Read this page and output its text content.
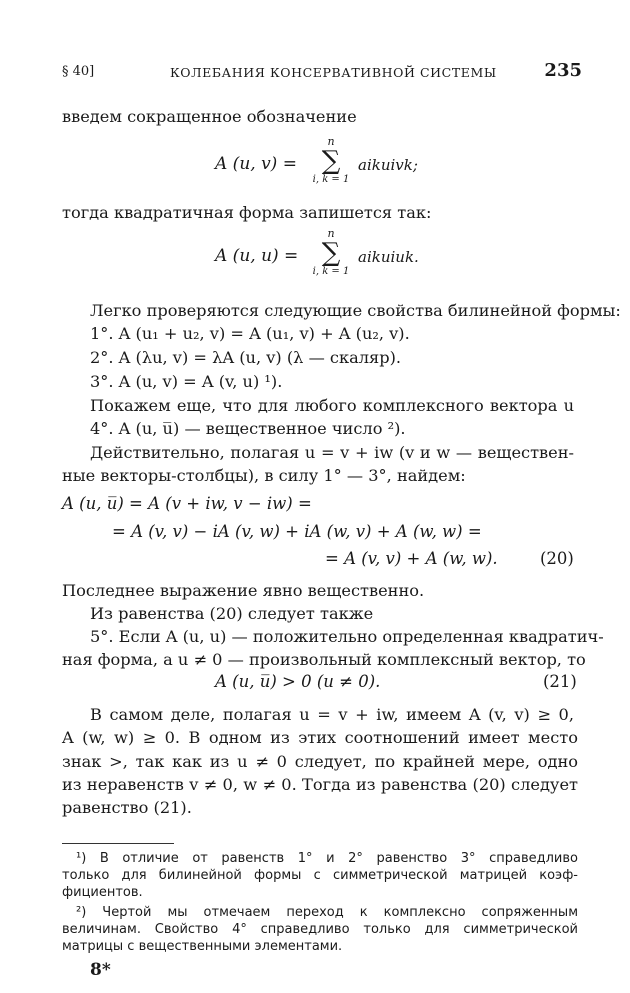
§ 40]	КОЛЕБАНИЯ КОНСЕРВАТИВНОЙ СИСТЕМЫ	235
введем сокращенное обозначение
A (u, v) =
n
∑
i, k = 1
aikuivk;
тогда квадратичная форма запишется так:
A (u, u) =
n
∑
i, k = 1
aikuiuk.
Легко проверяются следующие свойства билинейной формы:
1°. A (u₁ + u₂, v) = A (u₁, v) + A (u₂, v).
2°. A (λu, v) = λA (u, v) (λ — скаляр).
3°. A (u, v) = A (v, u) ¹).
Покажем еще, что для любого комплексного вектора u
4°. A (u, u̅) — вещественное число ²).
Действительно, полагая u = v + iw (v и w — веществен-
ные векторы-столбцы), в силу 1° — 3°, найдем:
A (u, u̅) = A (v + iw, v − iw) =
= A (v, v) − iA (v, w) + iA (w, v) + A (w, w) =
= A (v, v) + A (w, w).	(20)
Последнее выражение явно вещественно.
Из равенства (20) следует также
5°. Если A (u, u) — положительно определенная квадратич-
ная форма, а u ≠ 0 — произвольный комплексный вектор, то
A (u, u̅) > 0 (u ≠ 0).	(21)
В самом деле, полагая u = v + iw, имеем A (v, v) ≥ 0,
A (w, w) ≥ 0. В одном из этих соотношений имеет место
знак >, так как из u ≠ 0 следует, по крайней мере, одно
из неравенств v ≠ 0, w ≠ 0. Тогда из равенства (20) следует
равенство (21).
¹) В отличие от равенств 1° и 2° равенство 3° справедливо
только для билинейной формы с симметрической матрицей коэф-
фициентов.
²) Чертой мы отмечаем переход к комплексно сопряженным
величинам. Свойство 4° справедливо только для симметрической
матрицы с вещественными элементами.
8*
